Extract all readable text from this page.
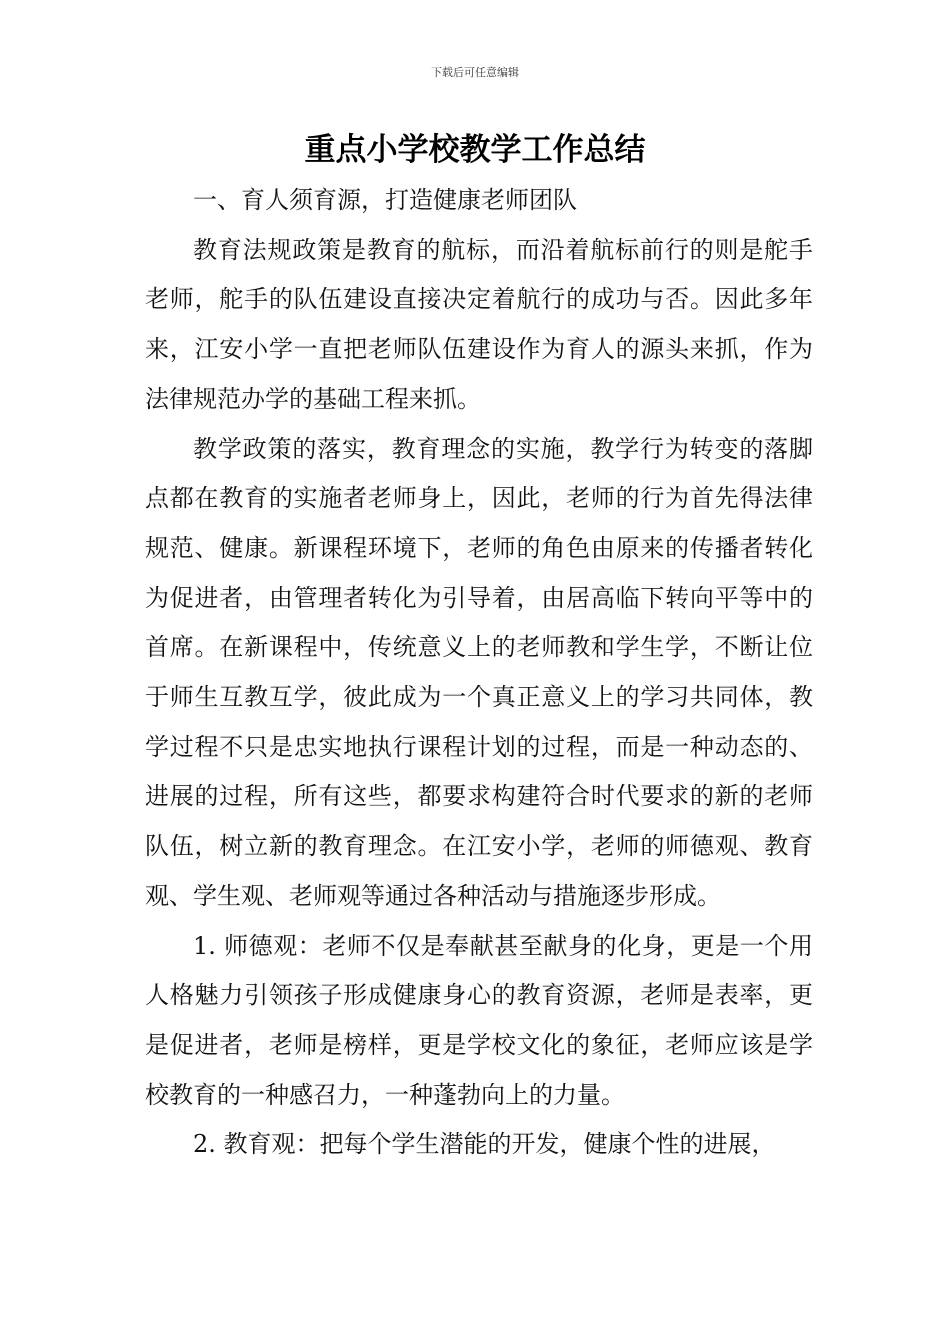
下载后可任意编辑
重点小学校教学工作总结

一、育人须育源，打造健康老师团队

教育法规政策是教育的航标，而沿着航标前行的则是舵手老师，舵手的队伍建设直接决定着航行的成功与否。因此多年来，江安小学一直把老师队伍建设作为育人的源头来抓，作为法律规范办学的基础工程来抓。

教学政策的落实，教育理念的实施，教学行为转变的落脚点都在教育的实施者老师身上，因此，老师的行为首先得法律规范、健康。新课程环境下，老师的角色由原来的传播者转化为促进者，由管理者转化为引导着，由居高临下转向平等中的首席。在新课程中，传统意义上的老师教和学生学，不断让位于师生互教互学，彼此成为一个真正意义上的学习共同体，教学过程不只是忠实地执行课程计划的过程，而是一种动态的、进展的过程，所有这些，都要求构建符合时代要求的新的老师队伍，树立新的教育理念。在江安小学，老师的师德观、教育观、学生观、老师观等通过各种活动与措施逐步形成。

1. 师德观：老师不仅是奉献甚至献身的化身，更是一个用人格魅力引领孩子形成健康身心的教育资源，老师是表率，更是促进者，老师是榜样，更是学校文化的象征，老师应该是学校教育的一种感召力，一种蓬勃向上的力量。

2. 教育观：把每个学生潜能的开发，健康个性的进展，
